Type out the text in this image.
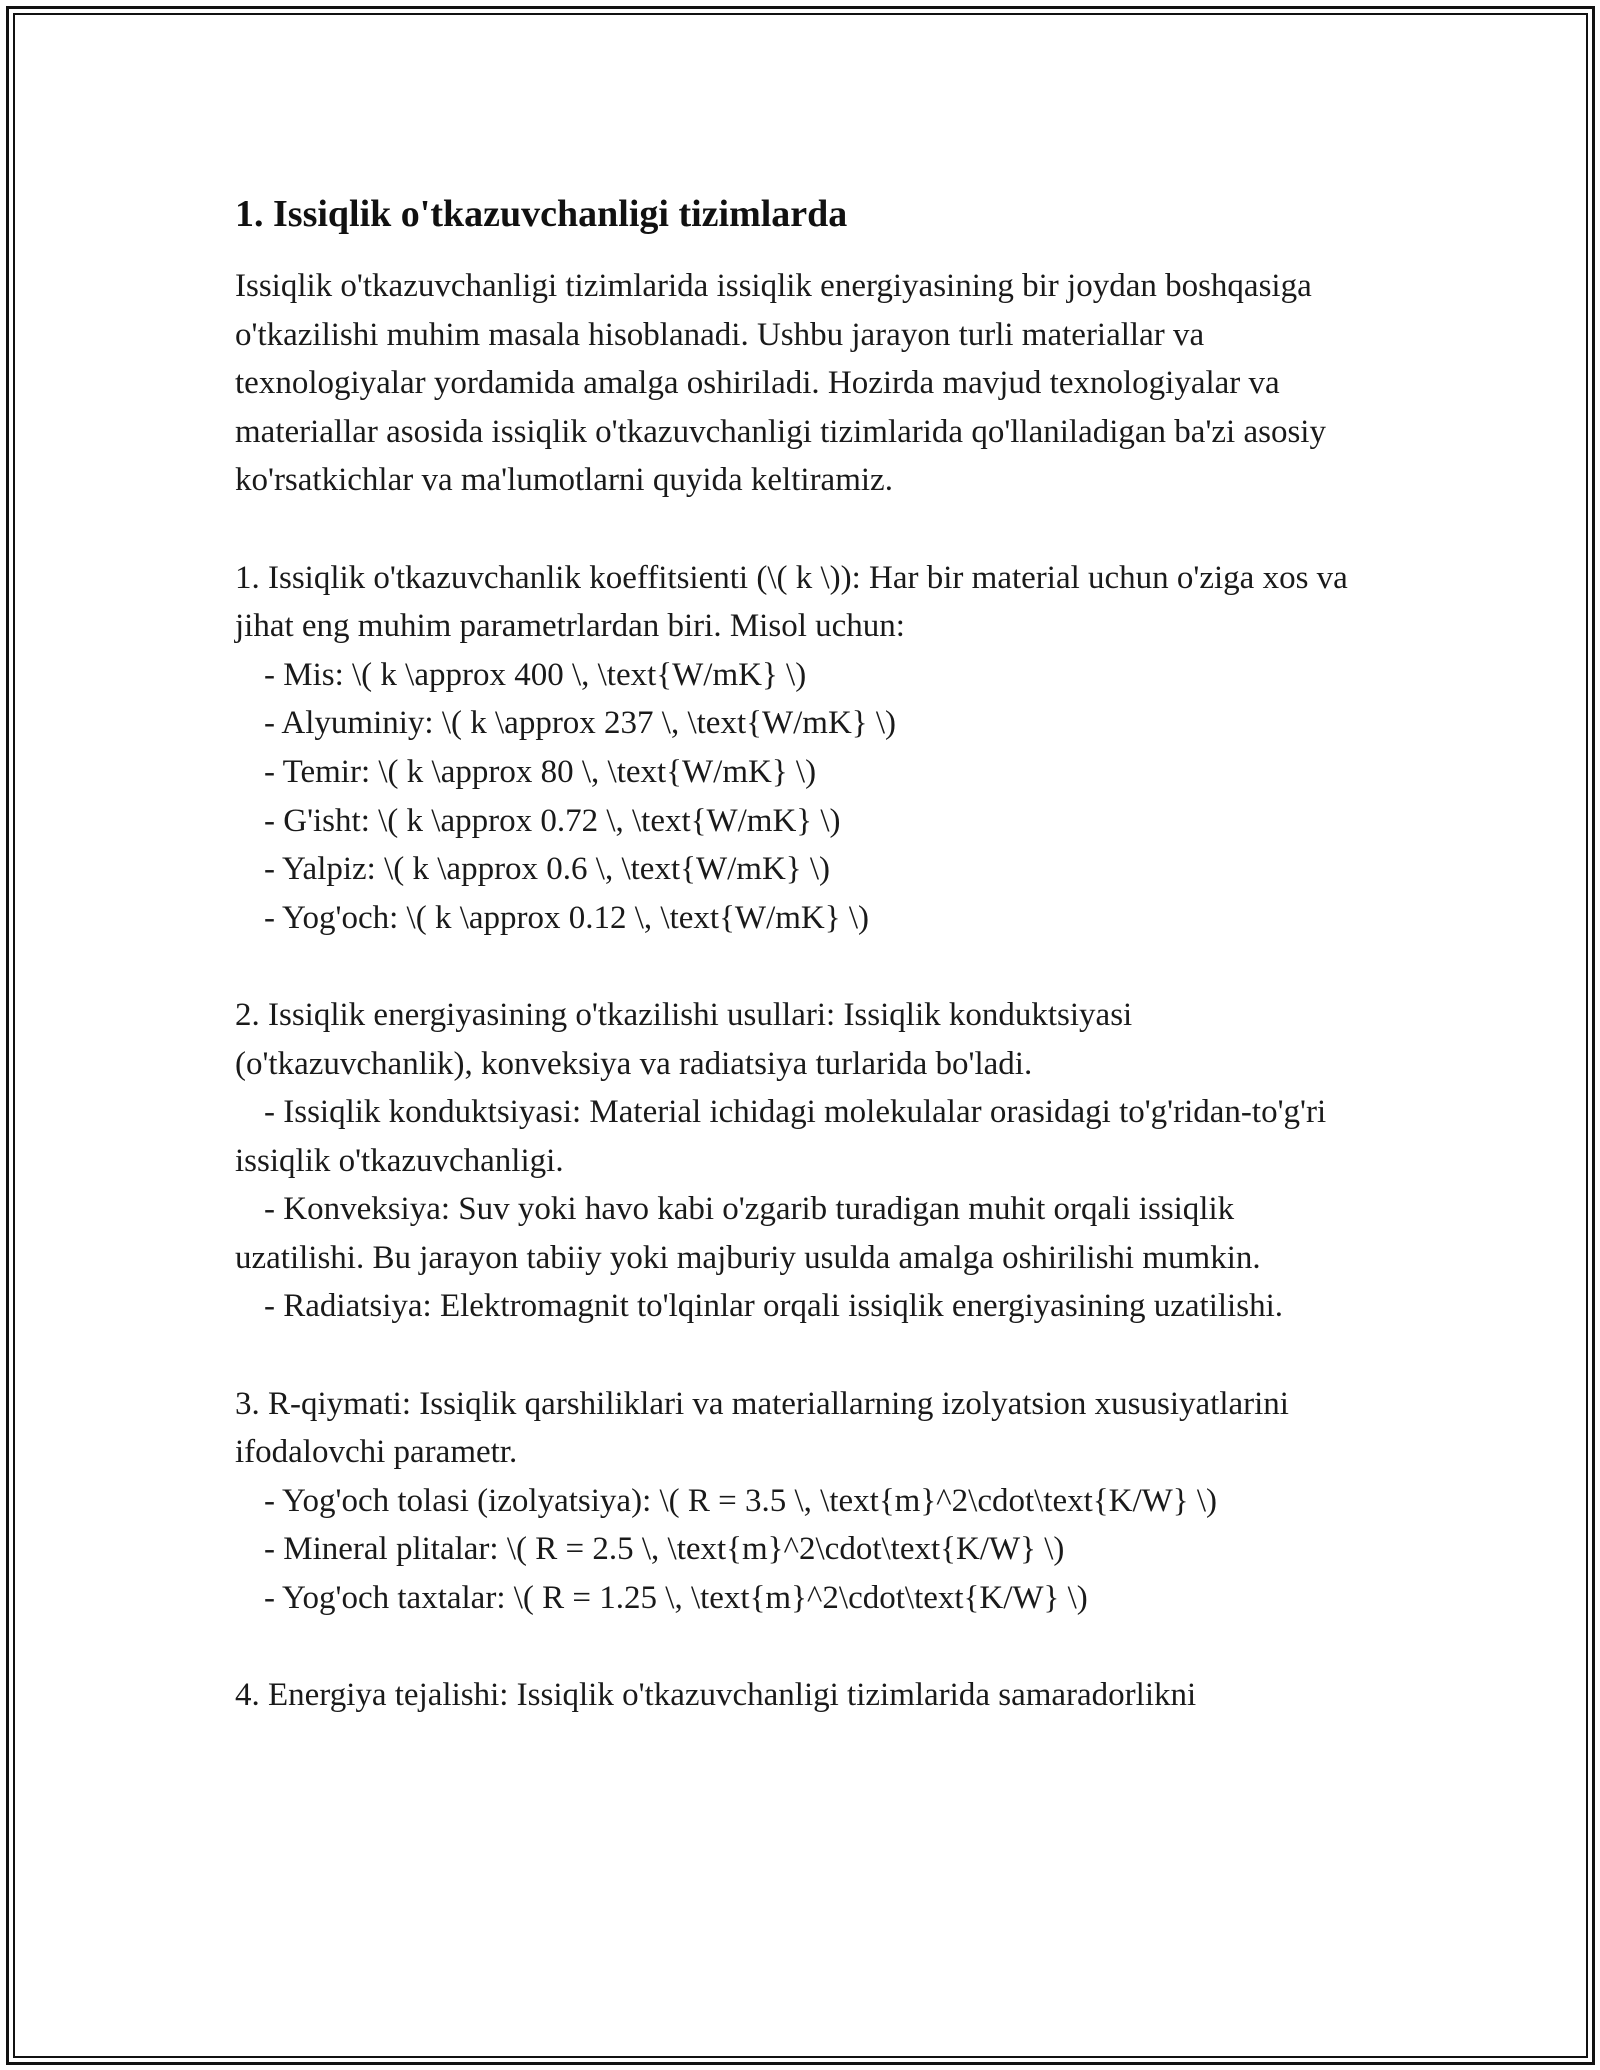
1. Issiqlik o'tkazuvchanligi tizimlarda

Issiqlik o'tkazuvchanligi tizimlarida issiqlik energiyasining bir joydan boshqasiga o'tkazilishi muhim masala hisoblanadi. Ushbu jarayon turli materiallar va texnologiyalar yordamida amalga oshiriladi. Hozirda mavjud texnologiyalar va materiallar asosida issiqlik o'tkazuvchanligi tizimlarida qo'llaniladigan ba'zi asosiy ko'rsatkichlar va ma'lumotlarni quyida keltiramiz.

1. Issiqlik o'tkazuvchanlik koeffitsienti (\( k \)): Har bir material uchun o'ziga xos va jihat eng muhim parametrlardan biri. Misol uchun:
- Mis: \( k \approx 400 \, \text{W/mK} \)
- Alyuminiy: \( k \approx 237 \, \text{W/mK} \)
- Temir: \( k \approx 80 \, \text{W/mK} \)
- G'isht: \( k \approx 0.72 \, \text{W/mK} \)
- Yalpiz: \( k \approx 0.6 \, \text{W/mK} \)
- Yog'och: \( k \approx 0.12 \, \text{W/mK} \)
2. Issiqlik energiyasining o'tkazilishi usullari: Issiqlik konduktsiyasi (o'tkazuvchanlik), konveksiya va radiatsiya turlarida bo'ladi.
- Issiqlik konduktsiyasi: Material ichidagi molekulalar orasidagi to'g'ridan-to'g'ri issiqlik o'tkazuvchanligi.
- Konveksiya: Suv yoki havo kabi o'zgarib turadigan muhit orqali issiqlik uzatilishi. Bu jarayon tabiiy yoki majburiy usulda amalga oshirilishi mumkin.
- Radiatsiya: Elektromagnit to'lqinlar orqali issiqlik energiyasining uzatilishi.
3. R-qiymati: Issiqlik qarshiliklari va materiallarning izolyatsion xususiyatlarini ifodalovchi parametr.
- Yog'och tolasi (izolyatsiya): \( R = 3.5 \, \text{m}^2\cdot\text{K/W} \)
- Mineral plitalar: \( R = 2.5 \, \text{m}^2\cdot\text{K/W} \)
- Yog'och taxtalar: \( R = 1.25 \, \text{m}^2\cdot\text{K/W} \)
4. Energiya tejalishi: Issiqlik o'tkazuvchanligi tizimlarida samaradorlikni
